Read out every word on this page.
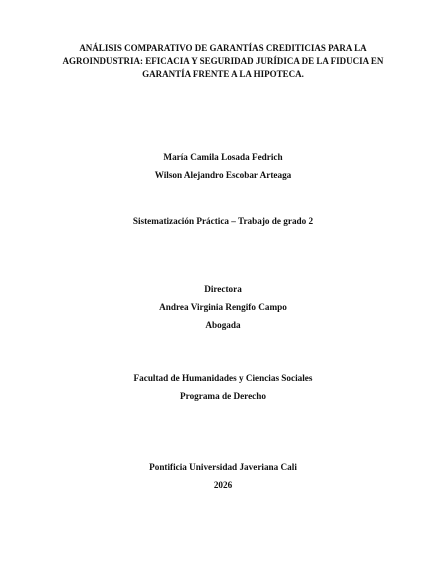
ANÁLISIS COMPARATIVO DE GARANTÍAS CREDITICIAS PARA LA
AGROINDUSTRIA: EFICACIA Y SEGURIDAD JURÍDICA DE LA FIDUCIA EN
GARANTÍA FRENTE A LA HIPOTECA.
María Camila Losada Fedrich
Wilson Alejandro Escobar Arteaga
Sistematización Práctica – Trabajo de grado 2
Directora
Andrea Virginia Rengifo Campo
Abogada
Facultad de Humanidades y Ciencias Sociales
Programa de Derecho
Pontificia Universidad Javeriana Cali
2026
